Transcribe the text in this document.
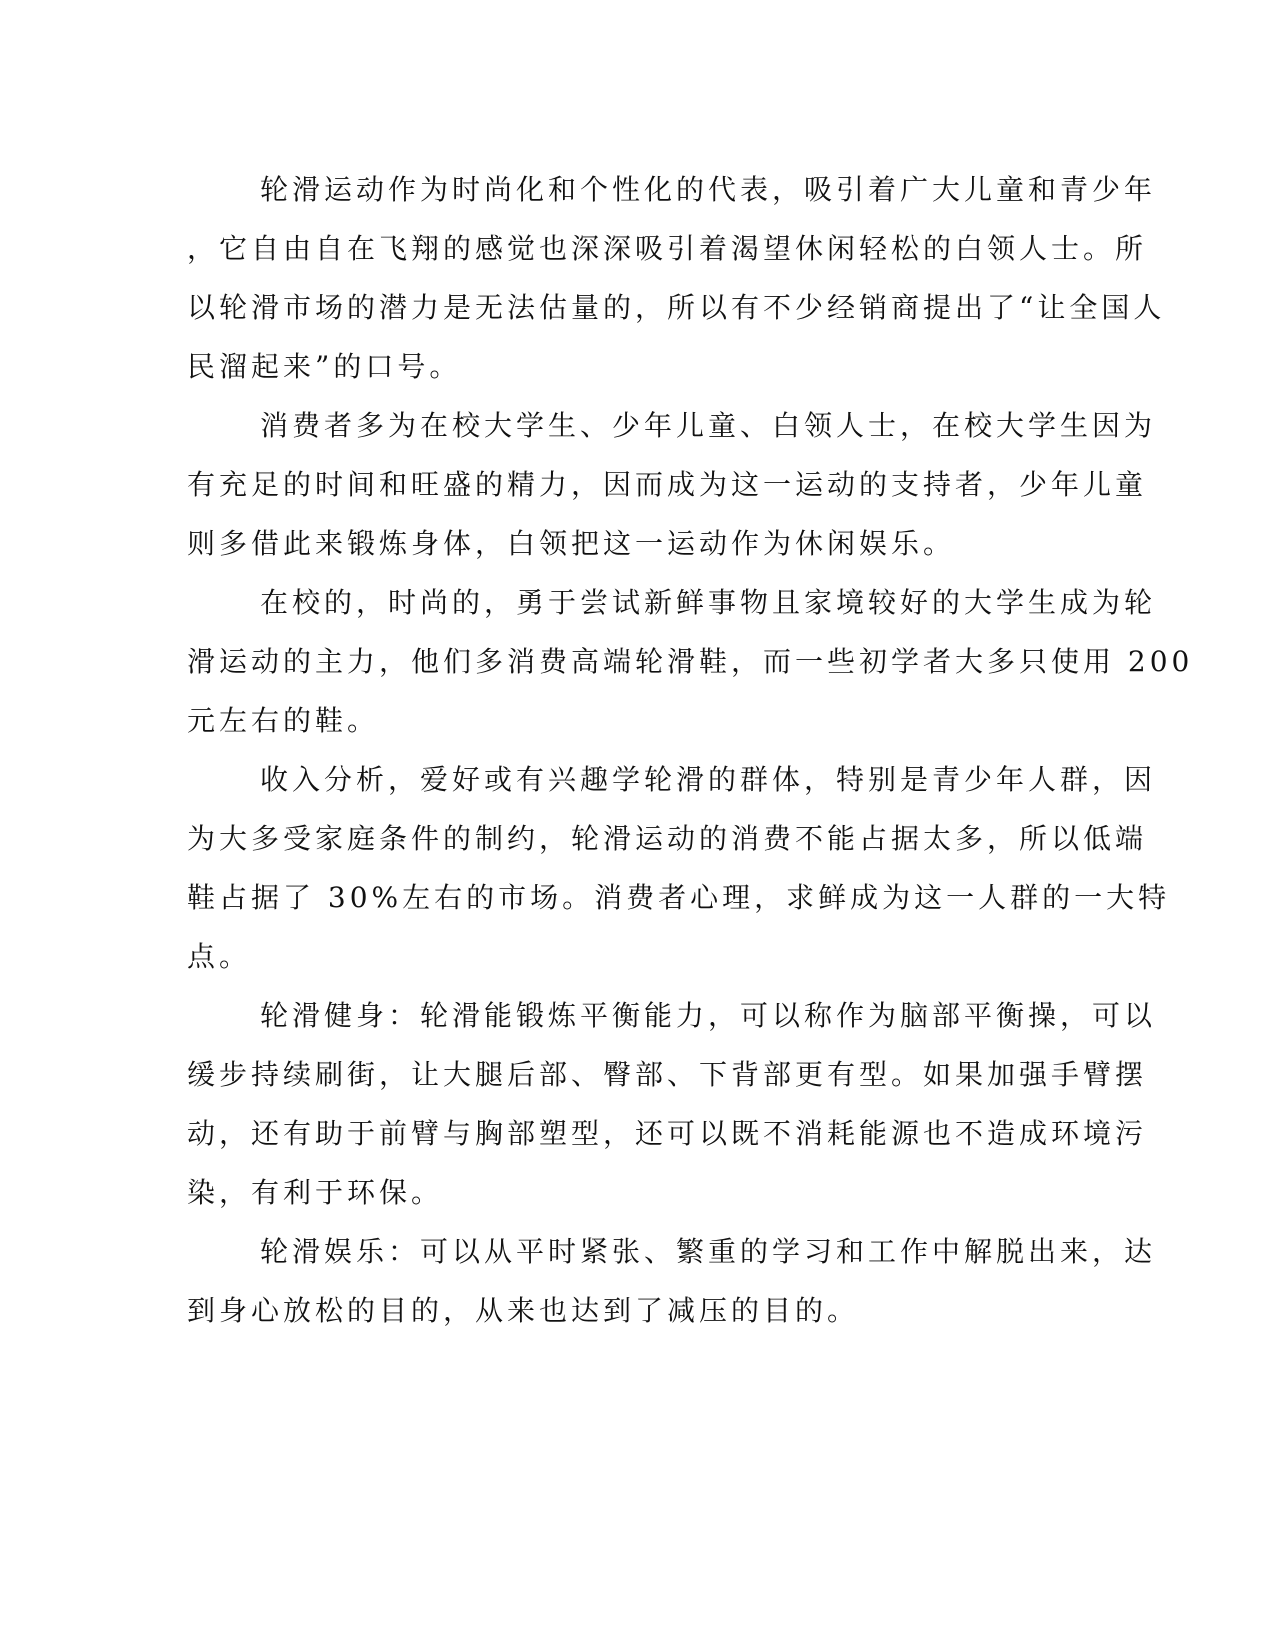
轮滑运动作为时尚化和个性化的代表，吸引着广大儿童和青少年
，它自由自在飞翔的感觉也深深吸引着渴望休闲轻松的白领人士。所
以轮滑市场的潜力是无法估量的，所以有不少经销商提出了“让全国人
民溜起来”的口号。

消费者多为在校大学生、少年儿童、白领人士，在校大学生因为
有充足的时间和旺盛的精力，因而成为这一运动的支持者，少年儿童
则多借此来锻炼身体，白领把这一运动作为休闲娱乐。

在校的，时尚的，勇于尝试新鲜事物且家境较好的大学生成为轮
滑运动的主力，他们多消费高端轮滑鞋，而一些初学者大多只使用 200
元左右的鞋。

收入分析，爱好或有兴趣学轮滑的群体，特别是青少年人群，因
为大多受家庭条件的制约，轮滑运动的消费不能占据太多，所以低端
鞋占据了 30%左右的市场。消费者心理，求鲜成为这一人群的一大特
点。

轮滑健身：轮滑能锻炼平衡能力，可以称作为脑部平衡操，可以
缓步持续刷街，让大腿后部、臀部、下背部更有型。如果加强手臂摆
动，还有助于前臂与胸部塑型，还可以既不消耗能源也不造成环境污
染，有利于环保。

轮滑娱乐：可以从平时紧张、繁重的学习和工作中解脱出来，达
到身心放松的目的，从来也达到了减压的目的。
